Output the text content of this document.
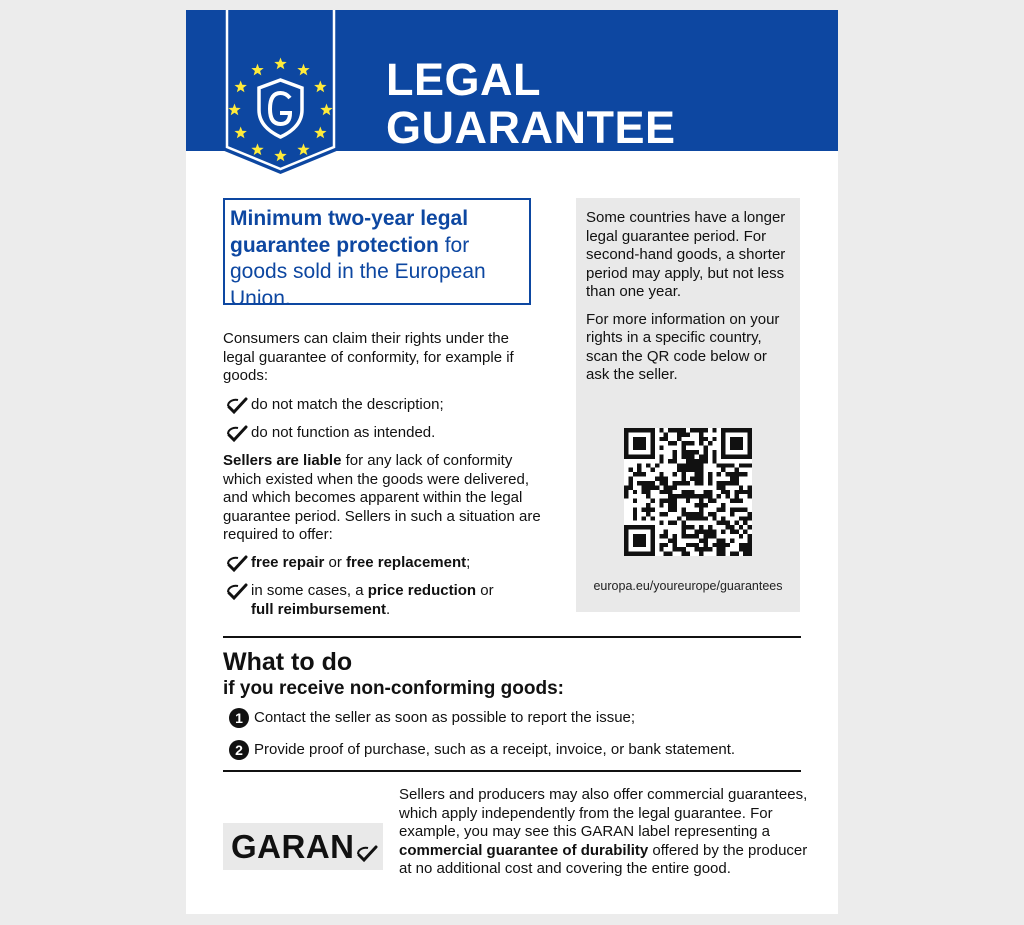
LEGAL
GUARANTEE
Minimum two-year legal guarantee protection for goods sold in the European Union.
Consumers can claim their rights under the legal guarantee of conformity, for example if goods:
do not match the description;
do not function as intended.
Sellers are liable for any lack of conformity which existed when the goods were delivered, and which becomes apparent within the legal guarantee period. Sellers in such a situation are required to offer:
free repair or free replacement;
in some cases, a price reduction or
full reimbursement.

Some countries have a longer legal guarantee period. For second-hand goods, a shorter period may apply, but not less than one year.

For more information on your rights in a specific country, scan the QR code below or ask the seller.

europa.eu/youreurope/guarantees
What to do
if you receive non-conforming goods:
1 Contact the seller as soon as possible to report the issue;
2 Provide proof of purchase, such as a receipt, invoice, or bank statement.
GARAN
Sellers and producers may also offer commercial guarantees, which apply independently from the legal guarantee. For example, you may see this GARAN label representing a commercial guarantee of durability offered by the producer at no additional cost and covering the entire good.
